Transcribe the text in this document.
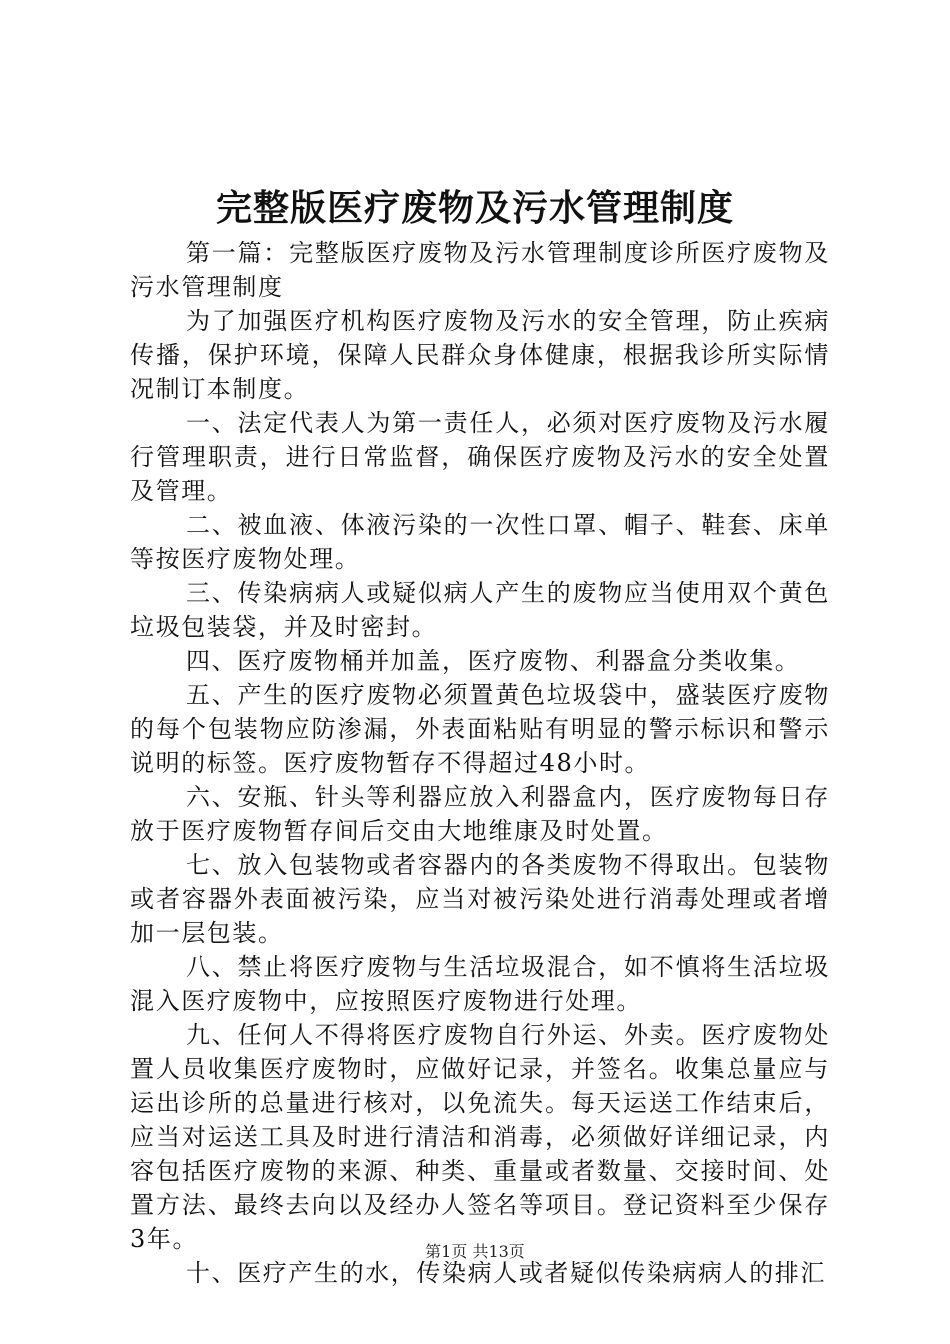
完整版医疗废物及污水管理制度

第一篇：完整版医疗废物及污水管理制度诊所医疗废物及污水管理制度

为了加强医疗机构医疗废物及污水的安全管理，防止疾病传播，保护环境，保障人民群众身体健康，根据我诊所实际情况制订本制度。

一、法定代表人为第一责任人，必须对医疗废物及污水履行管理职责，进行日常监督，确保医疗废物及污水的安全处置及管理。

二、被血液、体液污染的一次性口罩、帽子、鞋套、床单等按医疗废物处理。

三、传染病病人或疑似病人产生的废物应当使用双个黄色垃圾包装袋，并及时密封。

四、医疗废物桶并加盖，医疗废物、利器盒分类收集。

五、产生的医疗废物必须置黄色垃圾袋中，盛装医疗废物的每个包装物应防渗漏，外表面粘贴有明显的警示标识和警示说明的标签。医疗废物暂存不得超过48小时。

六、安瓶、针头等利器应放入利器盒内，医疗废物每日存放于医疗废物暂存间后交由大地维康及时处置。

七、放入包装物或者容器内的各类废物不得取出。包装物或者容器外表面被污染，应当对被污染处进行消毒处理或者增加一层包装。

八、禁止将医疗废物与生活垃圾混合，如不慎将生活垃圾混入医疗废物中，应按照医疗废物进行处理。

九、任何人不得将医疗废物自行外运、外卖。医疗废物处置人员收集医疗废物时，应做好记录，并签名。收集总量应与运出诊所的总量进行核对，以免流失。每天运送工作结束后，应当对运送工具及时进行清洁和消毒，必须做好详细记录，内容包括医疗废物的来源、种类、重量或者数量、交接时间、处置方法、最终去向以及经办人签名等项目。登记资料至少保存3年。

十、医疗产生的水，传染病人或者疑似传染病病人的排汇

第1页 共13页
